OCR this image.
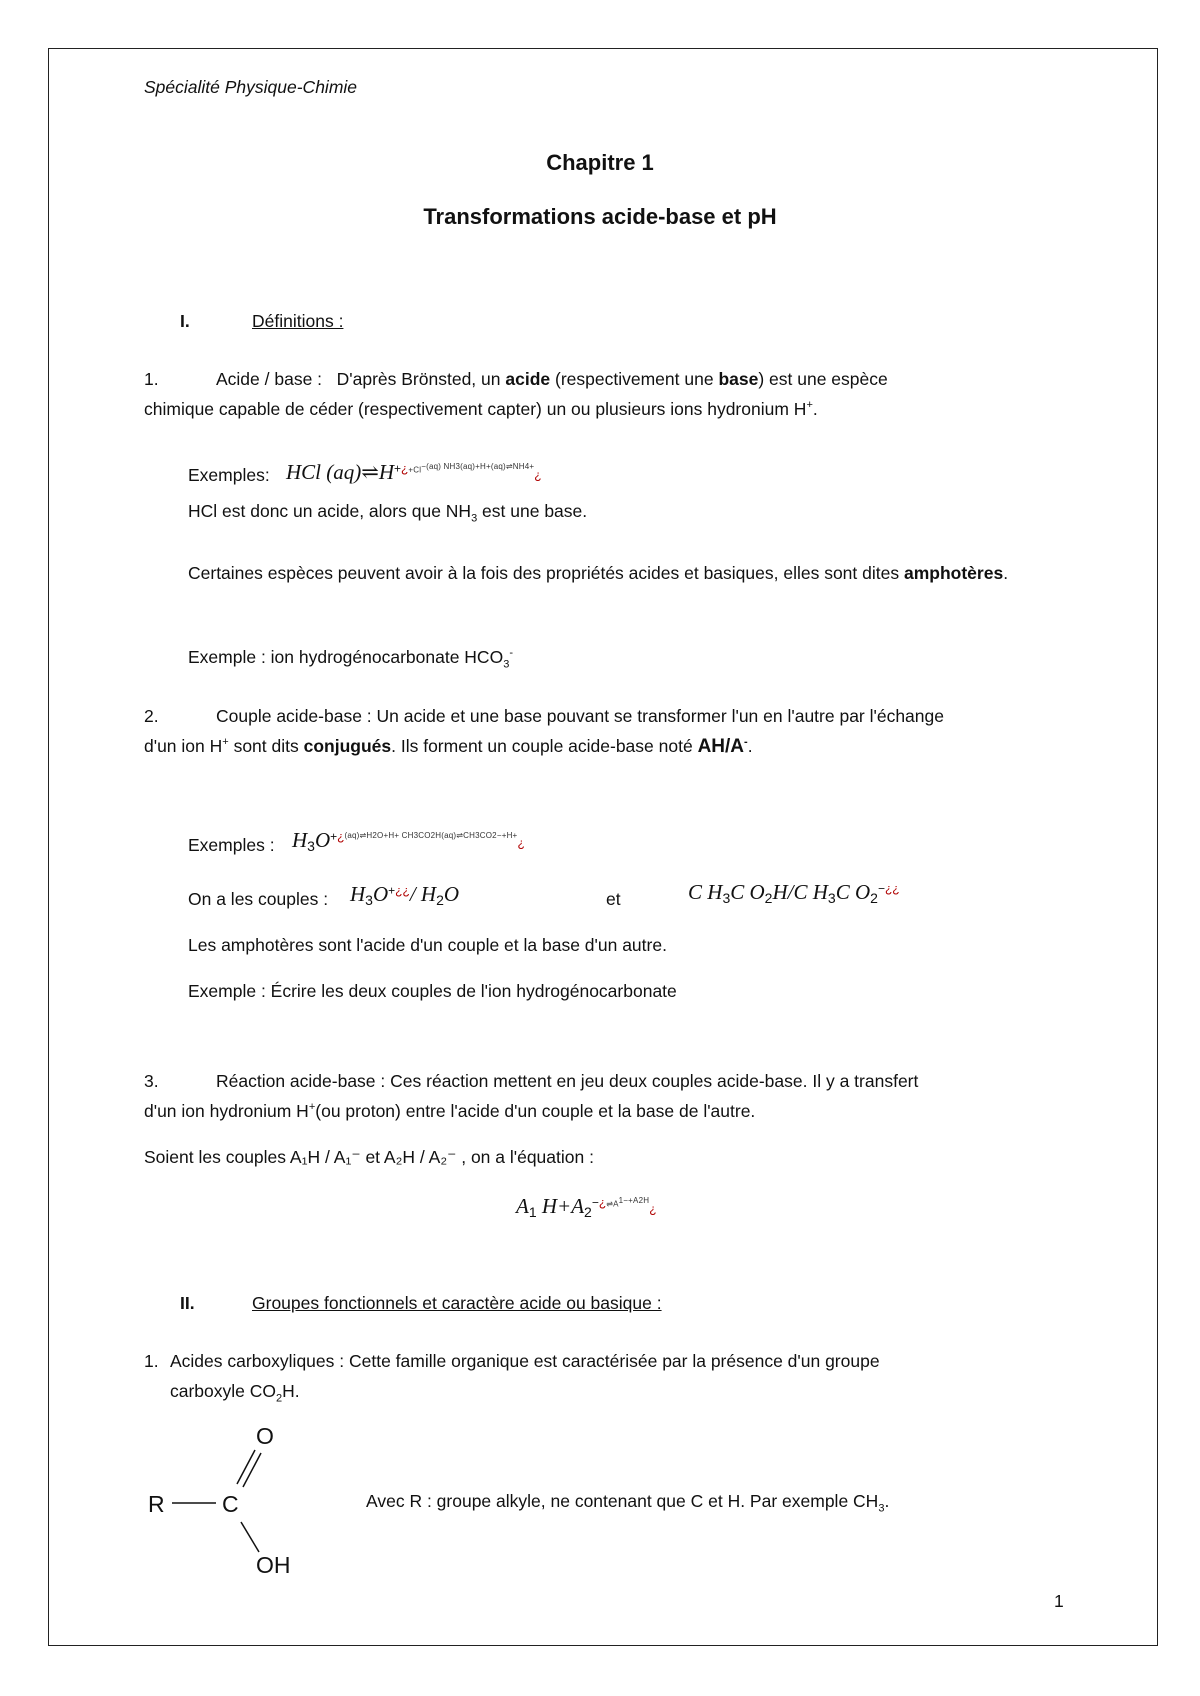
Spécialité Physique-Chimie
Chapitre 1
Transformations acide-base et pH
I.	Définitions :
1.	Acide / base : D'après Brönsted, un acide (respectivement une base) est une espèce
chimique capable de céder (respectivement capter) un ou plusieurs ions hydronium H+.
Exemples: HCl $(aq)\rightleftharpoons H^{+¿+Cl-(aq) NH3(aq)+H+(aq)\rightleftharpoons NH4+}¿$
HCl est donc un acide, alors que $NH_3$ est une base.
Certaines espèces peuvent avoir à la fois des propriétés acides et basiques, elles sont dites amphotères.
Exemple : ion hydrogénocarbonate $HCO_3^-$
2.	Couple acide-base : Un acide et une base pouvant se transformer l'un en l'autre par l'échange
d'un ion H+ sont dits conjugués. Ils forment un couple acide-base noté AH/A-.
Exemples : $H3O^{+¿(aq)\rightleftharpoons H2O+H+ CH3CO2H(aq)\rightleftharpoons CH3CO2-+H+}¿$
On a les couples : H3O+¿¿/ H2O	et	C H3C O2H/C H3C O2−¿¿
Les amphotères sont l'acide d'un couple et la base d'un autre.
Exemple : Écrire les deux couples de l'ion hydrogénocarbonate
3.	Réaction acide-base : Ces réaction mettent en jeu deux couples acide-base. Il y a transfert
d'un ion hydronium H+(ou proton) entre l'acide d'un couple et la base de l'autre.
Soient les couples A₁H / A₁⁻ et A₂H / A₂⁻ , on a l'équation :
A1 $H+A2^{-¿\rightleftharpoons A1-+A2H}¿$
II.	Groupes fonctionnels et caractère acide ou basique :
1. Acides carboxyliques : Cette famille organique est caractérisée par la présence d'un groupe
carboxyle $CO_2H$.
R C
O
OH
Avec R : groupe alkyle, ne contenant que C et H. Par exemple $CH_3$.
1
